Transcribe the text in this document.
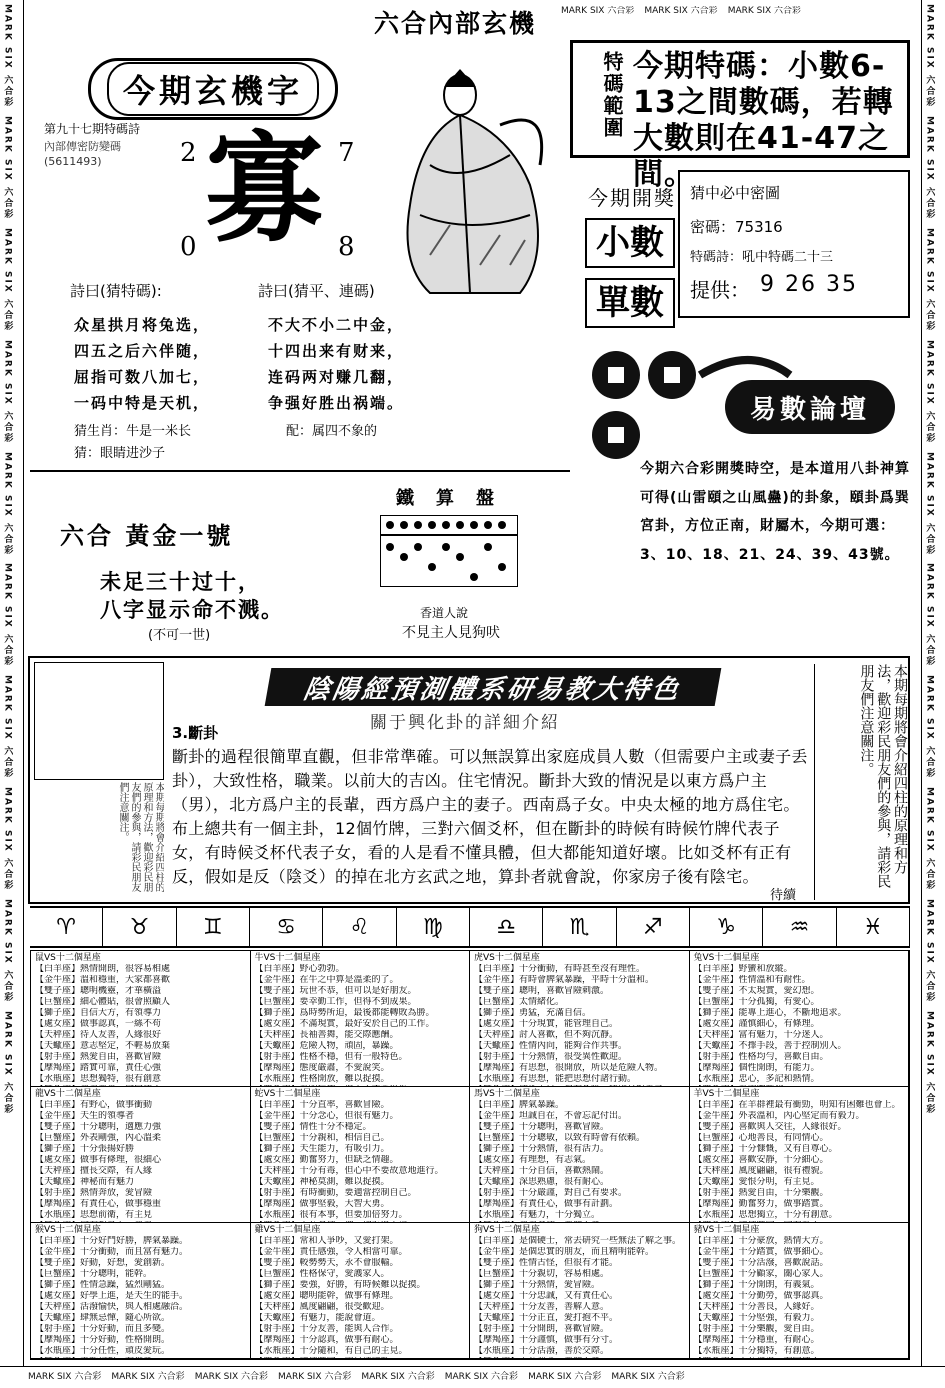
MARK SIX 六合彩
MARK SIX 六合彩
MARK SIX 六合彩
MARK SIX 六合彩
MARK SIX 六合彩
MARK SIX 六合彩
MARK SIX 六合彩
MARK SIX 六合彩
MARK SIX 六合彩
MARK SIX 六合彩
MARK SIX 六合彩
MARK SIX 六合彩
MARK SIX 六合彩
MARK SIX 六合彩
MARK SIX 六合彩
MARK SIX 六合彩
MARK SIX 六合彩
MARK SIX 六合彩
MARK SIX 六合彩
MARK SIX 六合彩
MARK SIX 六合彩 MARK SIX 六合彩 MARK SIX 六合彩 MARK SIX 六合彩 MARK SIX 六合彩 MARK SIX 六合彩 MARK SIX 六合彩 MARK SIX 六合彩
MARK SIX 六合彩 MARK SIX 六合彩 MARK SIX 六合彩
六合內部玄機
今期玄機字
第九十七期特碼詩
內部傳密防變碼
(5611493)	2	7
0	8
寡
詩曰(猜特碼):	詩曰(猜平、連碼)
众星拱月将兔选，
四五之后六伴随，
屈指可数八加七，
一码中特是天机，
不大不小二中金，
十四出来有财来，
连码两对赚几翻，
争强好胜出祸端。
猜生肖：牛是一米长
猜：眼睛进沙子
配：属四不象的
特碼範圍 今期特碼：小數6-13之間數碼，若轉大數則在41-47之間。
今期開獎
小數
單數
猜中必中密圖
密碼：75316
特碼詩：吼中特碼二十三
提供： 9 26 35
易數論壇
今期六合彩開獎時空，是本道用八卦神算可得(山雷頤之山風蠱)的卦象，頤卦爲巽宮卦，方位正南，財屬木，今期可選：3、10、18、21、24、39、43號。
六合 黃金一號
未足三十过十，
八字显示命不溅。
(不可一世)
鐵算盤
香道人說
不見主人見狗吠
本期每期將會介紹四柱的原理和方法，歡迎彩民朋友們的參與，請彩民朋友們注意關注。
陰陽經預測體系研易教大特色
關于興化卦的詳細介紹
3.斷卦
斷卦的過程很簡單直觀，但非常準確。可以無誤算出家庭成員人數（但需要户主或妻子丢卦），大致性格，職業。以前大的吉凶。住宅情況。斷卦大致的情況是以東方爲户主（男），北方爲户主的長輩，西方爲户主的妻子。西南爲子女。中央太極的地方爲住宅。布上總共有一個主卦，12個竹牌，三對六個爻杯，但在斷卦的時候有時候竹牌代表子女，有時候爻杯代表子女，看的人是看不懂具體，但大都能知道好壞。比如爻杯有正有反，假如是反（陰爻）的掉在北方玄武之地，算卦者就會說，你家房子後有陰宅。
待續
本期每期將會介紹四柱的原理和方法，歡迎彩民朋友們的參與，請彩民朋友們注意關注。
♈	♉	♊	♋	♌	♍	♎	♏	♐	♑	♒	♓
鼠VS十二個星座
【白羊座】熱情開朗，很容易相處
【金牛座】溫和穩重，大家都喜歡
【雙子座】聰明機靈，才華橫溢
【巨蟹座】細心體貼，很會照顧人
【獅子座】自信大方，有領導力
【處女座】做事認真，一絲不苟
【天秤座】待人友善，人緣很好
【天蠍座】意志堅定，不輕易放棄
【射手座】熱愛自由，喜歡冒險
【摩羯座】踏實可靠，責任心強
【水瓶座】思想獨特，很有創意
牛VS十二個星座
【白羊座】野心勃勃。
【金牛座】在牛之中算是溫柔的了。
【雙子座】玩世不恭，但可以是好朋友。
【巨蟹座】要幸勤工作，但得不到成果。
【獅子座】爲時勢所迫，最後都能轉敗為勝。
【處女座】不滿現實，最好安於自己的工作。
【天秤座】長袖善舞，能交際應酬。
【天蠍座】危險人物，頑固，暴躁。
【射手座】性格不穩，但有一般特色。
【摩羯座】態度嚴肅，不愛說笑。
【水瓶座】性格開放，難以捉摸。
虎VS十二個星座
【白羊座】十分衝動，有時甚至沒有理性。
【金牛座】有時會脾氣暴躁，平時十分溫和。
【雙子座】聰明，喜歡冒險刺激。
【巨蟹座】太情緒化。
【獅子座】勇猛，充滿自信。
【處女座】十分現實，能管理自己。
【天秤座】討人喜歡，但不夠沉靜。
【天蠍座】性情內向，能夠合作共事。
【射手座】十分熱情，很受異性歡迎。
【摩羯座】有思想，很開放，所以是危險人物。
【水瓶座】有思想，能把思想付諸行動。
兔VS十二個星座
【白羊座】野蠻和放縱。
【金牛座】性情溫和有耐性。
【雙子座】不太現實，愛幻想。
【巨蟹座】十分孤獨，有愛心。
【獅子座】能專上進心，不斷地追求。
【處女座】謹慎細心，有條理。
【天秤座】富有魅力，十分迷人。
【天蠍座】不擇手段，善于控制別人。
【射手座】性格均勻，喜歡自由。
【摩羯座】個性開朗，有能力。
【水瓶座】忠心，多記和熱情。
龍VS十二個星座
【白羊座】有野心，做事衝動
【金牛座】天生的領導者
【雙子座】十分聰明，適應力強
【巨蟹座】外表剛強，內心溫柔
【獅子座】十分張揚好勝
【處女座】做事有條理，很細心
【天秤座】擅長交際，有人緣
【天蠍座】神秘而有魅力
【射手座】熱情奔放，愛冒險
【摩羯座】有責任心，做事穩重
【水瓶座】思想前衛，有主見
蛇VS十二個星座
【白羊座】十分直率，喜歡冒險。
【金牛座】十分念心，但很有魅力。
【雙子座】情性十分不穩定。
【巨蟹座】十分親和，相信自己。
【獅子座】天生能力，有吸引力。
【處女座】勤奮努力，但缺乏情趣。
【天秤座】十分有毒，但心中不要故意地進行。
【天蠍座】神秘莫測，難以捉摸。
【射手座】有時衝動，要適當控制自己。
【摩羯座】做事堅毅，大智大勇。
【水瓶座】很有本事，但要加倍努力。
馬VS十二個星座
【白羊座】脾氣暴躁。
【金牛座】坦誠自在，不會忘記付出。
【雙子座】十分聰明，喜歡冒險。
【巨蟹座】十分聰敏，以致有時會有依賴。
【獅子座】十分熱情，很有活力。
【處女座】有理想，有志氣。
【天秤座】十分自信，喜歡熱鬧。
【天蠍座】深思熟慮，很有耐心。
【射手座】十分嚴謹，對自己有要求。
【摩羯座】有責任心，做事有計劃。
【水瓶座】有魅力，十分獨立。
羊VS十二個星座
【白羊座】在羊群裡最有衝勁，明知有困難也會上。
【金牛座】外表溫和，內心堅定而有毅力。
【雙子座】喜歡與人交往，人緣很好。
【巨蟹座】心地善良，有同情心。
【獅子座】十分慷慨，又有自尊心。
【處女座】喜歡安靜，十分細心。
【天秤座】風度翩翩，很有禮貌。
【天蠍座】愛恨分明，有主見。
【射手座】熱愛自由，十分樂觀。
【摩羯座】勤奮努力，做事踏實。
【水瓶座】思想獨立，十分有創意。
猴VS十二個星座
【白羊座】十分好鬥好勝，脾氣暴躁。
【金牛座】十分衝動，而且富有魅力。
【雙子座】好動，好想，愛創新。
【巨蟹座】十分聰明，能幹。
【獅子座】性情急躁，猛烈剛猛。
【處女座】好學上進，是天生的能手。
【天秤座】活潑愉快，與人相處融洽。
【天蠍座】肆無忌憚，隨心所欲。
【射手座】十分好動，而且多變。
【摩羯座】十分好動，性格開朗。
【水瓶座】十分任性，頑皮愛玩。
雞VS十二個星座
【白羊座】常和人爭吵，又愛打架。
【金牛座】責任感強，令人相當可靠。
【雙子座】較勢勢天，永不會服輸。
【巨蟹座】性格保守，愛護家人。
【獅子座】要強，好勝，有時候難以捉摸。
【處女座】聰明能幹，做事有條理。
【天秤座】風度翩翩，很受歡迎。
【天蠍座】有魅力，能說會道。
【射手座】十分友善，能與人合作。
【摩羯座】十分認真，做事有耐心。
【水瓶座】十分隨和，有自己的主見。
狗VS十二個星座
【白羊座】是個硬士，常去研究一些無法了解之事。
【金牛座】是個忠實的朋友，而且精明能幹。
【雙子座】性情古怪，但很有才能。
【巨蟹座】十分親切，容易相處。
【獅子座】十分熱情，愛冒險。
【處女座】十分忠誠，又有責任心。
【天秤座】十分友善，善解人意。
【天蠍座】十分正直，愛打抱不平。
【射手座】十分開朗，喜歡冒險。
【摩羯座】十分謹慎，做事有分寸。
【水瓶座】十分活潑，善於交際。
豬VS十二個星座
【白羊座】十分豪放，熱情大方。
【金牛座】十分踏實，做事細心。
【雙子座】十分活潑，喜歡說話。
【巨蟹座】十分顧家，關心家人。
【獅子座】十分開朗，有義氣。
【處女座】十分勤勞，做事認真。
【天秤座】十分善良，人緣好。
【天蠍座】十分堅強，有毅力。
【射手座】十分樂觀，愛自由。
【摩羯座】十分穩重，有耐心。
【水瓶座】十分獨特，有創意。
